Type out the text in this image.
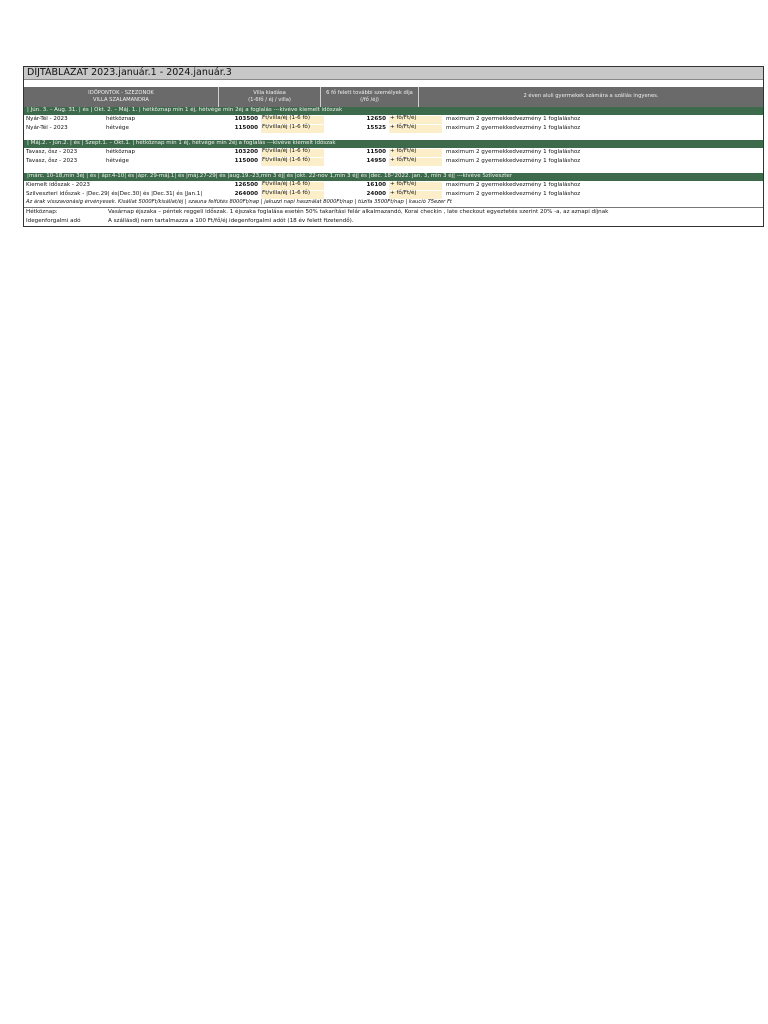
DÍJTÁBLÁZAT 2023.január.1 - 2024.január.3
IDŐPONTOK - SZEZONOK
VILLA SZALAMANDRA
Villa kiadása
(1-6fő / éj / villa)
6 fő felett további személyek díja
(/fő /éj)
2 éven aluli gyermekek számára a szállás ingyenes.
| Jún. 3. – Aug. 31. | és | Okt. 2. – Máj. 1. | hétköznap min 1 éj, hétvége min 2éj a foglalás ---kivéve kiemelt időszak
Nyár-Tél - 2023	hétköznap	103500 Ft/villa/éj (1-6 fő)	12650 + fő/Ft/éj	maximum 2 gyermekkedvezmény 1 foglaláshoz
Nyár-Tél - 2023	hétvége	115000 Ft/villa/éj (1-6 fő)	15525 + fő/Ft/éj	maximum 2 gyermekkedvezmény 1 foglaláshoz
| Máj.2. - Jún.2. | és | Szept.1. – Okt.1. | hétköznap min 1 éj, hétvége min 2éj a foglalás ---kivéve kiemelt időszak
Tavasz, ősz - 2023	hétköznap	103200 Ft/villa/éj (1-6 fő)	11500 + fő/Ft/éj	maximum 2 gyermekkedvezmény 1 foglaláshoz
Tavasz, ősz - 2023	hétvége	115000 Ft/villa/éj (1-6 fő)	14950 + fő/Ft/éj	maximum 2 gyermekkedvezmény 1 foglaláshoz
|márc. 10-18,min 3éj | és | ápr.4-10| és |ápr. 29-máj.1| és |máj.27-29| és |aug.19.-23,min 3 éj| és |okt. 22-nov 1,min 3 éj| és |dec. 18-'2022. jan. 3, min 3 éj| ---kivéve Szilveszter
Kiemelt időszak - 2023	126500 Ft/villa/éj (1-6 fő)	16100 + fő/Ft/éj	maximum 2 gyermekkedvezmény 1 foglaláshoz
Szilveszteri időszak - |Dec.29| és|Dec.30| és |Dec.31| és |Jan.1|	264000 Ft/villa/éj (1-6 fő)	24000 + fő/Ft/éj	maximum 2 gyermekkedvezmény 1 foglaláshoz
Az árak visszavonásig érvényesek. Kisállat 5000Ft/kisállat/éj | szauna felfűtés 8000Ft/nap | jakuzzi napi használat 8000Ft/nap | tűzifa 3500Ft/nap | kaució 75ezer Ft
Hétköznap:	Vasárnap éjszaka – péntek reggeli időszak. 1 éjszaka foglalása esetén 50% takarítási felár alkalmazandó, Korai checkin , late checkout egyeztetés szerint 20% -a, az aznapi díjnak
Idegenforgalmi adó	A szállásdíj nem tartalmazza a 100 Ft/fő/éj idegenforgalmi adót (18 év felett fizetendő).
